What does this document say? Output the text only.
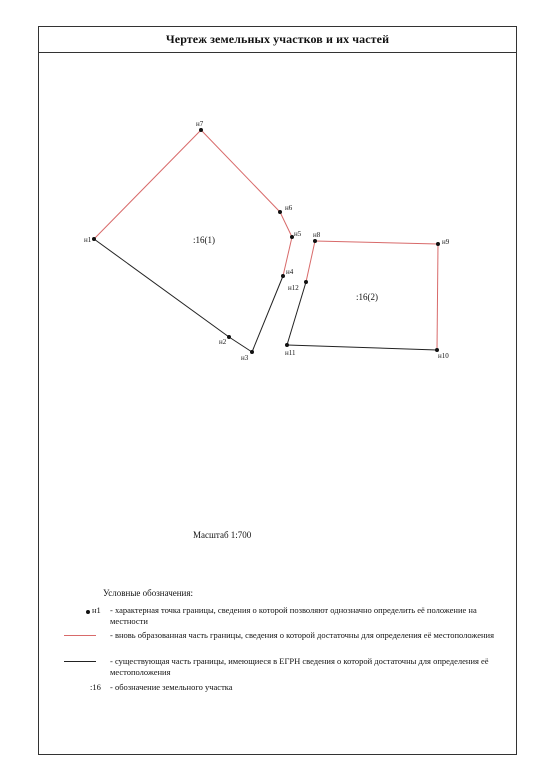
Чертеж земельных участков и их частей
н1
н2
н3
н4
н5
н6
н7
н8
н9
н10
н11
н12
:16(1)
:16(2)
Масштаб 1:700
Условные обозначения:
н1 - характерная точка границы, сведения о которой позволяют однозначно определить её положение на местности
- вновь образованная часть границы, сведения о которой достаточны для определения её местоположения
- существующая часть границы, имеющиеся в ЕГРН сведения о которой достаточны для определения её местоположения
:16 - обозначение земельного участка
